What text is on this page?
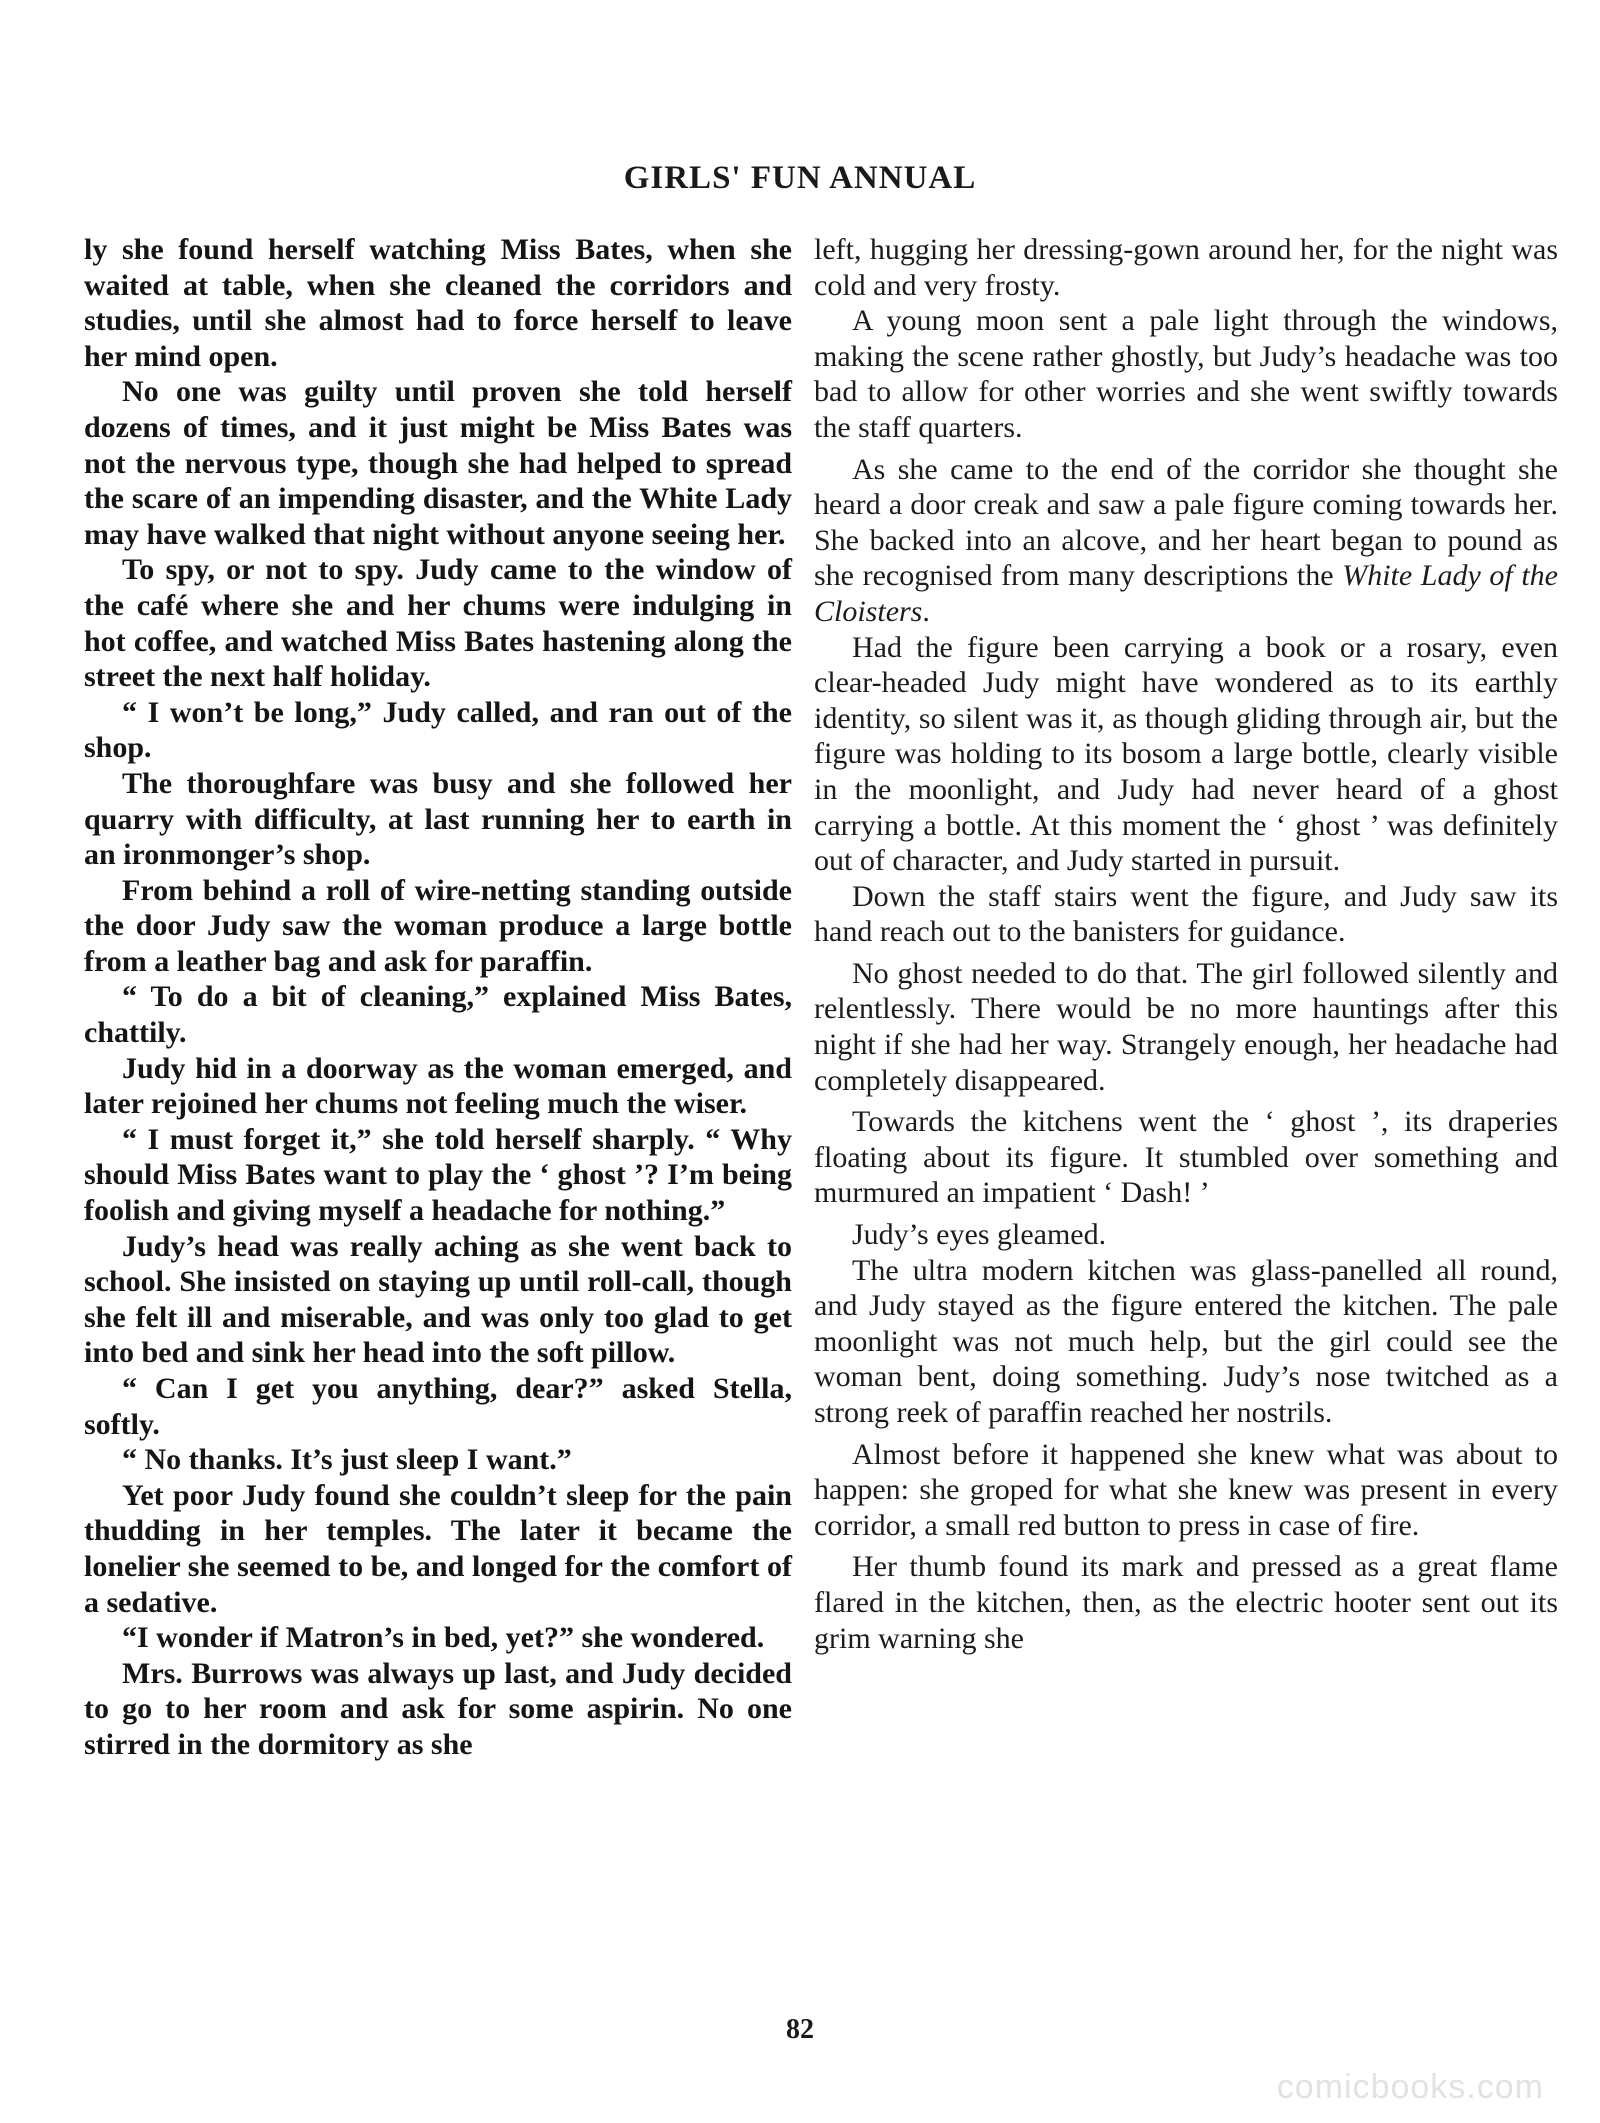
GIRLS' FUN ANNUAL

ly she found herself watching Miss Bates, when she waited at table, when she cleaned the corridors and studies, until she almost had to force herself to leave her mind open.

No one was guilty until proven she told herself dozens of times, and it just might be Miss Bates was not the nervous type, though she had helped to spread the scare of an impending disaster, and the White Lady may have walked that night without anyone seeing her.

To spy, or not to spy. Judy came to the window of the café where she and her chums were indulging in hot coffee, and watched Miss Bates hastening along the street the next half holiday.

“ I won’t be long,” Judy called, and ran out of the shop.

The thoroughfare was busy and she followed her quarry with difficulty, at last running her to earth in an ironmonger’s shop.

From behind a roll of wire-netting standing outside the door Judy saw the woman produce a large bottle from a leather bag and ask for paraffin.

“ To do a bit of cleaning,” explained Miss Bates, chattily.

Judy hid in a doorway as the woman emerged, and later rejoined her chums not feeling much the wiser.

“ I must forget it,” she told herself sharply. “ Why should Miss Bates want to play the ‘ ghost ’? I’m being foolish and giving myself a headache for nothing.”

Judy’s head was really aching as she went back to school. She insisted on staying up until roll-call, though she felt ill and miserable, and was only too glad to get into bed and sink her head into the soft pillow.

“ Can I get you anything, dear?” asked Stella, softly.

“ No thanks. It’s just sleep I want.”

Yet poor Judy found she couldn’t sleep for the pain thudding in her temples. The later it became the lonelier she seemed to be, and longed for the comfort of a sedative.

“I wonder if Matron’s in bed, yet?” she wondered.

Mrs. Burrows was always up last, and Judy decided to go to her room and ask for some aspirin. No one stirred in the dormitory as she

left, hugging her dressing-gown around her, for the night was cold and very frosty.

A young moon sent a pale light through the windows, making the scene rather ghostly, but Judy’s headache was too bad to allow for other worries and she went swiftly towards the staff quarters.

As she came to the end of the corridor she thought she heard a door creak and saw a pale figure coming towards her. She backed into an alcove, and her heart began to pound as she recognised from many descriptions the White Lady of the Cloisters.

Had the figure been carrying a book or a rosary, even clear-headed Judy might have wondered as to its earthly identity, so silent was it, as though gliding through air, but the figure was holding to its bosom a large bottle, clearly visible in the moonlight, and Judy had never heard of a ghost carrying a bottle. At this moment the ‘ ghost ’ was definitely out of character, and Judy started in pursuit.

Down the staff stairs went the figure, and Judy saw its hand reach out to the banisters for guidance.

No ghost needed to do that. The girl followed silently and relentlessly. There would be no more hauntings after this night if she had her way. Strangely enough, her headache had completely disappeared.

Towards the kitchens went the ‘ ghost ’, its draperies floating about its figure. It stumbled over something and murmured an impatient ‘ Dash! ’

Judy’s eyes gleamed.

The ultra modern kitchen was glass-panelled all round, and Judy stayed as the figure entered the kitchen. The pale moonlight was not much help, but the girl could see the woman bent, doing something. Judy’s nose twitched as a strong reek of paraffin reached her nostrils.

Almost before it happened she knew what was about to happen: she groped for what she knew was present in every corridor, a small red button to press in case of fire.

Her thumb found its mark and pressed as a great flame flared in the kitchen, then, as the electric hooter sent out its grim warning she

82
comicbooks.com
